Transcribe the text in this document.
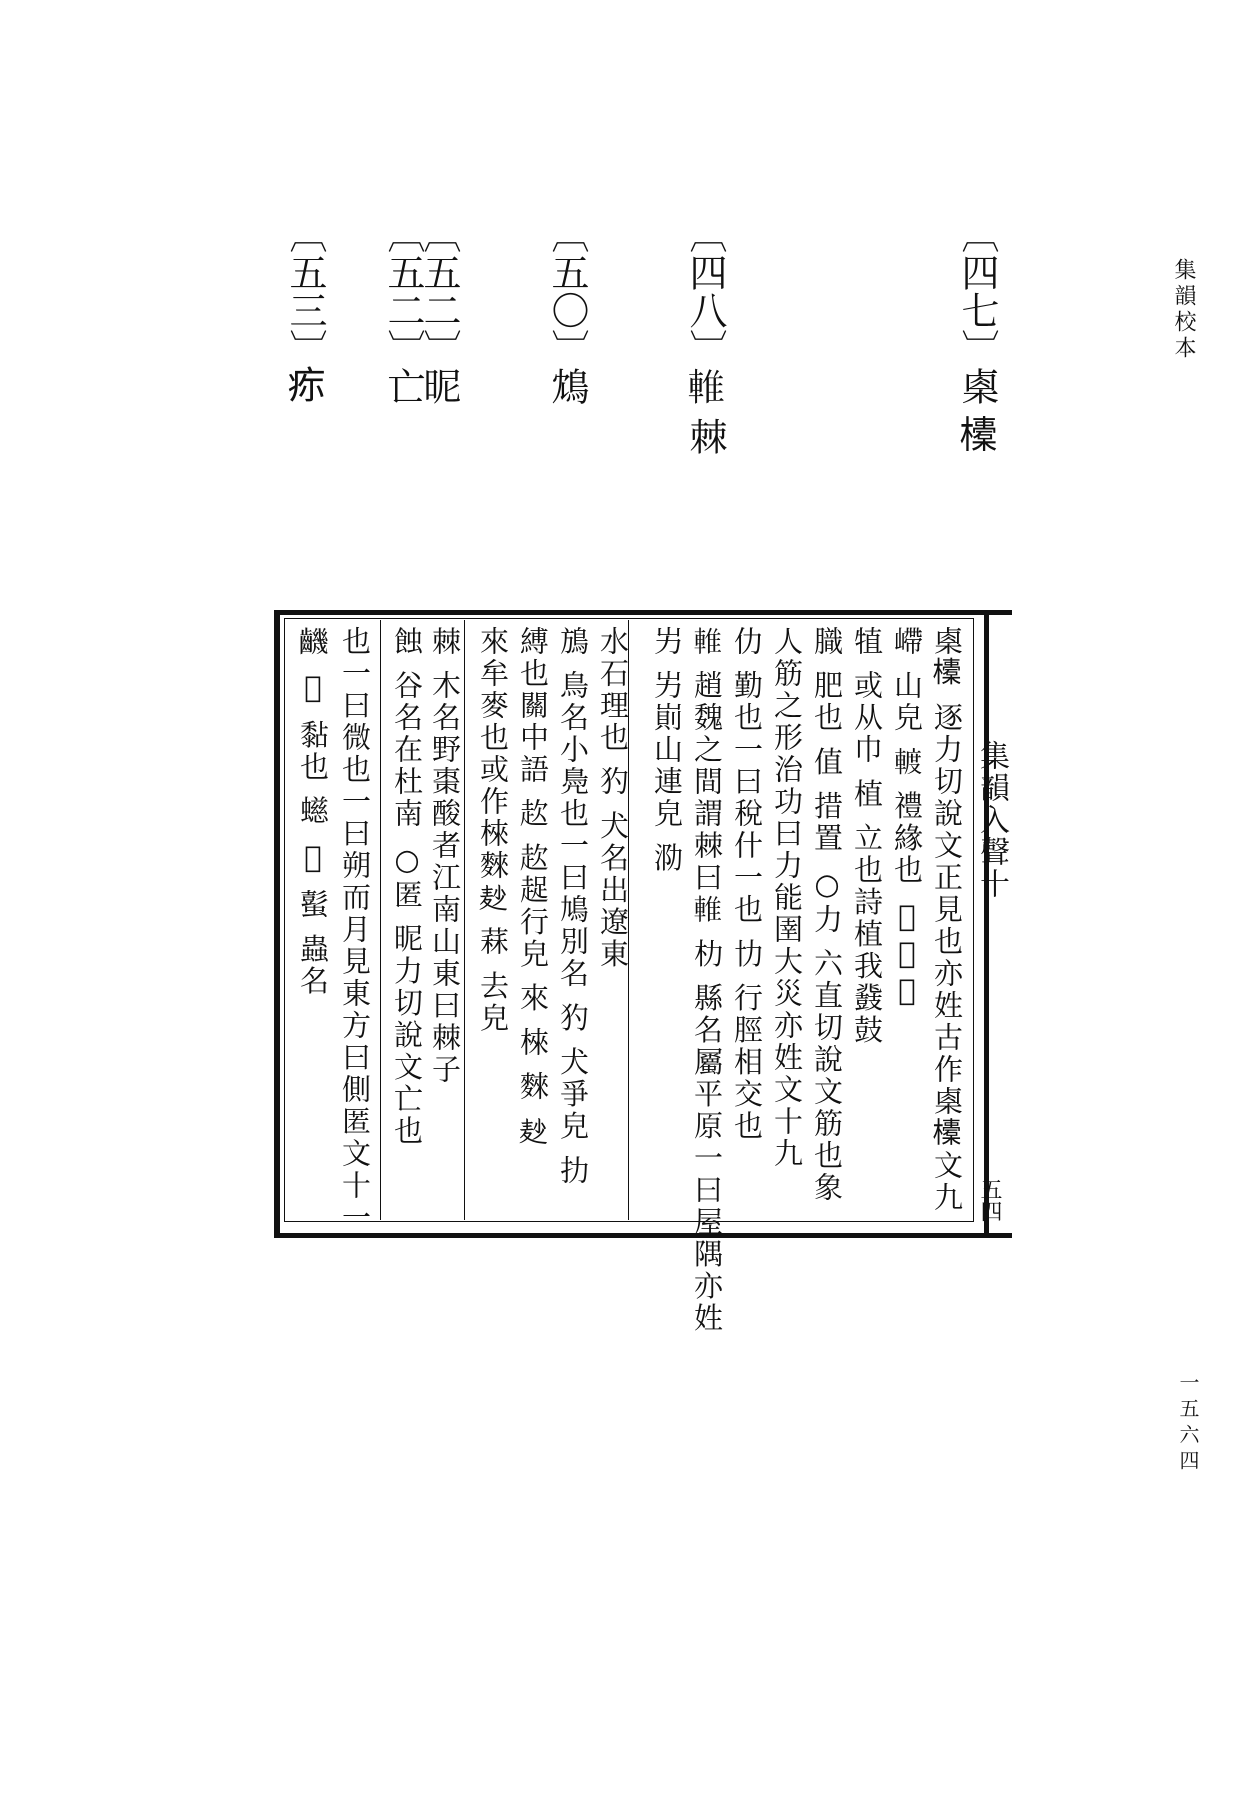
集韻校本
一五六四
〔四七〕㮚 𣟄
〔四八〕𨌴 棘
〔五〇〕鴆
〔五二〕昵
〔五二〕亡
〔五三〕𤵜
集韻入聲十
五四
㮚𣟄 逐力切說文正見也亦姓古作㮚𣟄文九
嵽 山皃 𨍏 禮緣也 𣃠箭虎
犆 或从巾 植 立也詩植我鼗鼓
膱 肥也 值 措置 ○力 六直切說文筋也象
人筋之形治功曰力能圉大災亦姓文十九
仂 勤也一曰稅什一也 㔹 行脛相交也
𨌴 趙魏之間謂棘曰𨌴 朸 縣名屬平原一曰屋隅亦姓
屴 屴崱山連皃 泐
水石理也 犳 犬名出遼東
鴋 鳥名小鳧也一曰鳩別名 犳 犬爭皃 扐
縛也關中語 赼 赼趗行皃 來 棶 麳 𪎊
來牟麥也或作棶麳𪎊 䔉 去皃
棘 木名野棗酸者江南山東曰棘子
蝕 谷名在杜南 ○匿 昵力切說文亡也
也一曰微也一曰朔而月見東方曰側匿文十一
𪙧 𪙳 黏也 䗹 𨸦 蟚 蟲名
